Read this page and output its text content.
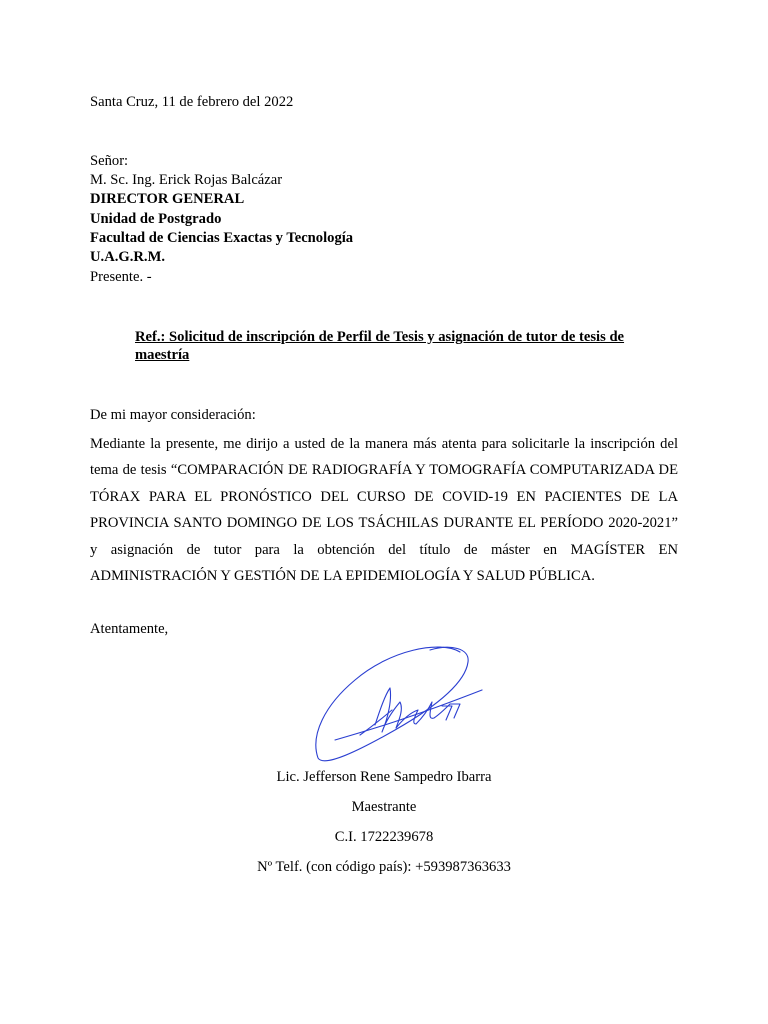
Santa Cruz, 11 de febrero del 2022
Señor:
M. Sc. Ing. Erick Rojas Balcázar
DIRECTOR GENERAL
Unidad de Postgrado
Facultad de Ciencias Exactas y Tecnología
U.A.G.R.M.
Presente. -
Ref.: Solicitud de inscripción de Perfil de Tesis y asignación de tutor de tesis de maestría
De mi mayor consideración:
Mediante la presente, me dirijo a usted de la manera más atenta para solicitarle la inscripción del tema de tesis “COMPARACIÓN DE RADIOGRAFÍA Y TOMOGRAFÍA COMPUTARIZADA DE TÓRAX PARA EL PRONÓSTICO DEL CURSO DE COVID-19 EN PACIENTES DE LA PROVINCIA SANTO DOMINGO DE LOS TSÁCHILAS DURANTE EL PERÍODO 2020-2021” y asignación de tutor para la obtención del título de máster en MAGÍSTER EN ADMINISTRACIÓN Y GESTIÓN DE LA EPIDEMIOLOGÍA Y SALUD PÚBLICA.
Atentamente,
Lic. Jefferson Rene Sampedro Ibarra
Maestrante
C.I. 1722239678
Nº Telf. (con código país): +593987363633
